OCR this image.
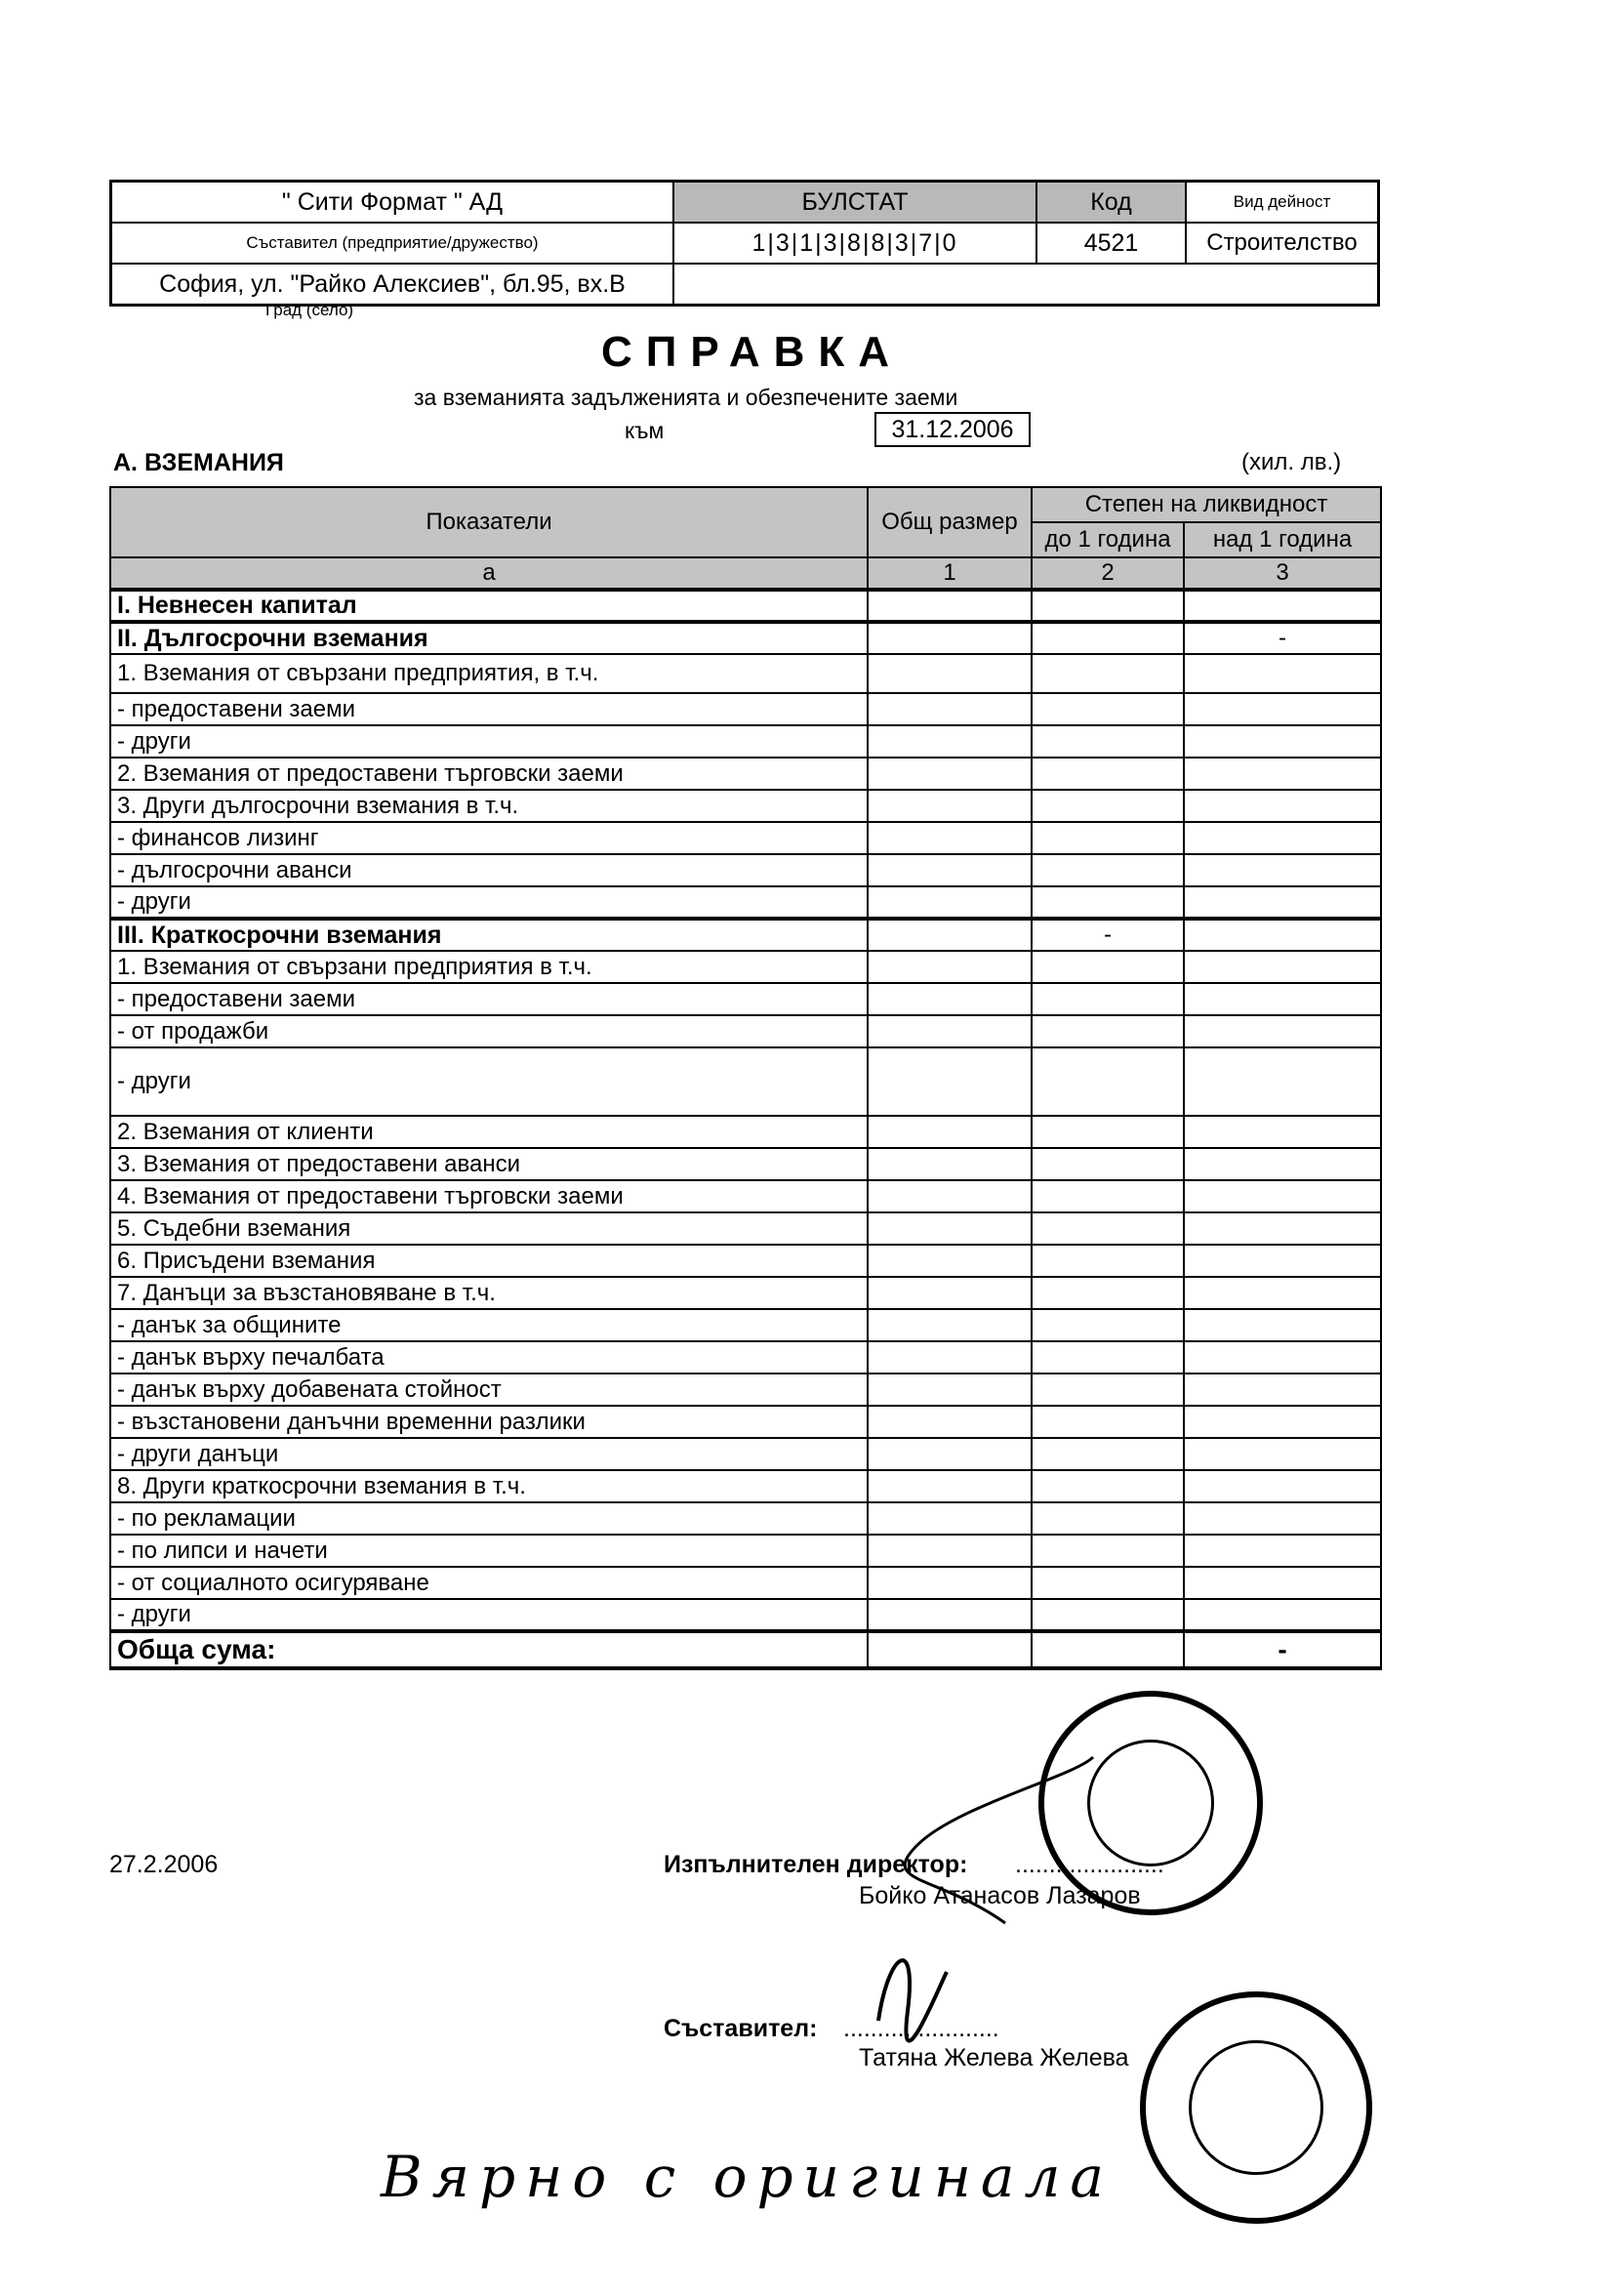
" Сити Формат " АД	БУЛСТАТ	Код	Вид дейност
Съставител (предприятие/дружество)	1|3|1|3|8|8|3|7|0	4521	Строителство
София, ул. "Райко Алексиев", бл.95, вх.В
Град (село)
СПРАВКА
за вземанията задълженията и обезпечените заеми
към	31.12.2006
А. ВЗЕМАНИЯ	(хил. лв.)
Показатели	Общ размер	Степен на ликвидност	
		до 1 година	над 1 година
а	1	2	3
I. Невнесен капитал			
II. Дългосрочни вземания			-
1. Вземания от свързани предприятия, в т.ч.			
- предоставени заеми			
- други			
2. Вземания от предоставени търговски заеми			
3. Други дългосрочни вземания в т.ч.			
- финансов лизинг			
- дългосрочни аванси			
- други			
III. Краткосрочни вземания		-	
1. Вземания от свързани предприятия в т.ч.			
- предоставени заеми			
- от продажби			
- други			
2. Вземания от клиенти			
3. Вземания от предоставени аванси			
4. Вземания от предоставени търговски заеми			
5. Съдебни вземания			
6. Присъдени вземания			
7. Данъци за възстановяване в т.ч.			
- данък за общините			
- данък върху печалбата			
- данък върху добавената стойност			
- възстановени данъчни временни разлики			
- други данъци			
8. Други краткосрочни вземания в т.ч.			
- по рекламации			
- по липси и начети			
- от социалното осигуряване			
- други			
Обща сума:			-
27.2.2006	Изпълнителен директор: ......................
Бойко Атанасов Лазаров
Съставител: .......................
Татяна Желева Желева
Вярно с оригинала
